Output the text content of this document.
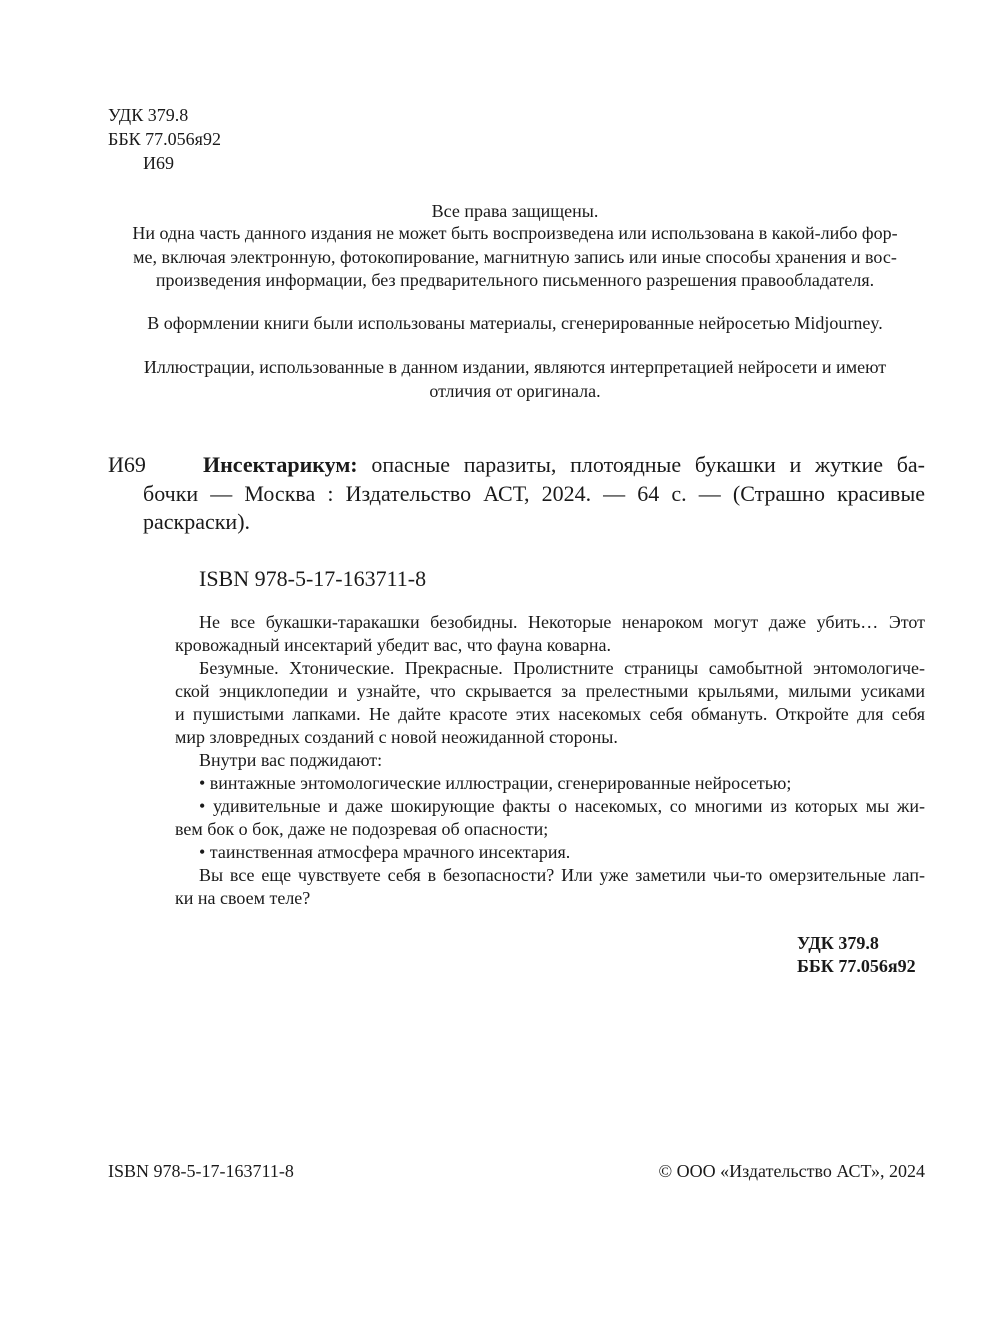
УДК 379.8
ББК 77.056я92
И69
Все права защищены.
Ни одна часть данного издания не может быть воспроизведена или использована в какой-либо фор-
ме, включая электронную, фотокопирование, магнитную запись или иные способы хранения и вос-
произведения информации, без предварительного письменного разрешения правообладателя.
В оформлении книги были использованы материалы, сгенерированные нейросетью Midjourney.
Иллюстрации, использованные в данном издании, являются интерпретацией нейросети и имеют
отличия от оригинала.
И69	Инсектарикум: опасные паразиты, плотоядные букашки и жуткие ба-
бочки — Москва : Издательство АСТ, 2024. — 64 с. — (Страшно красивые
раскраски).
ISBN 978-5-17-163711-8
Не все букашки-таракашки безобидны. Некоторые ненароком могут даже убить… Этот
кровожадный инсектарий убедит вас, что фауна коварна.
Безумные. Хтонические. Прекрасные. Пролистните страницы самобытной энтомологиче-
ской энциклопедии и узнайте, что скрывается за прелестными крыльями, милыми усиками
и пушистыми лапками. Не дайте красоте этих насекомых себя обмануть. Откройте для себя
мир зловредных созданий с новой неожиданной стороны.
Внутри вас поджидают:
• винтажные энтомологические иллюстрации, сгенерированные нейросетью;
• удивительные и даже шокирующие факты о насекомых, со многими из которых мы жи-
вем бок о бок, даже не подозревая об опасности;
• таинственная атмосфера мрачного инсектария.
Вы все еще чувствуете себя в безопасности? Или уже заметили чьи-то омерзительные лап-
ки на своем теле?
УДК 379.8
ББК 77.056я92
ISBN 978-5-17-163711-8	© ООО «Издательство АСТ», 2024
